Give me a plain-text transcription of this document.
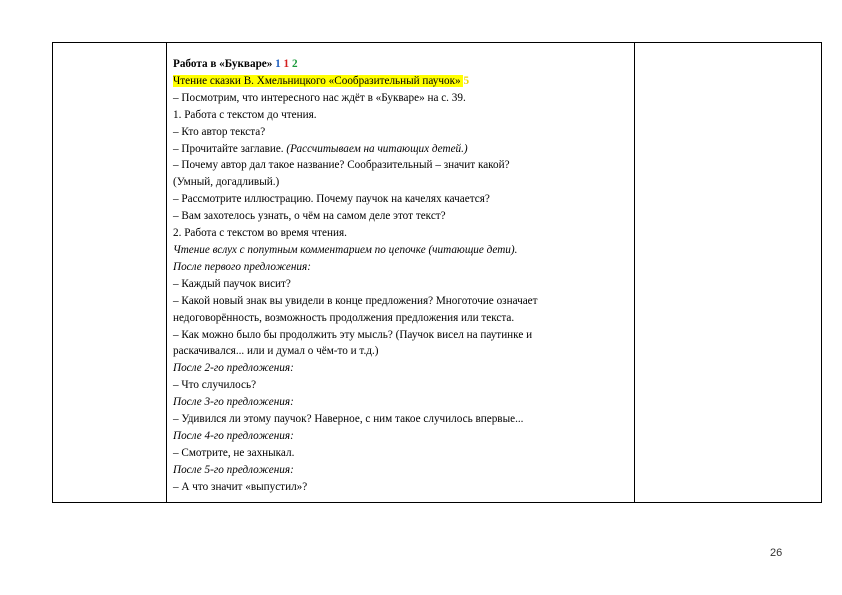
Работа в «Букваре» 1 1 2
Чтение сказки В. Хмельницкого «Сообразительный паучок» 5
– Посмотрим, что интересного нас ждёт в «Букваре» на с. 39.
1. Работа с текстом до чтения.
– Кто автор текста?
– Прочитайте заглавие. (Рассчитываем на читающих детей.)
– Почему автор дал такое название? Сообразительный – значит какой?
(Умный, догадливый.)
– Рассмотрите иллюстрацию. Почему паучок на качелях качается?
– Вам захотелось узнать, о чём на самом деле этот текст?
2. Работа с текстом во время чтения.
Чтение вслух с попутным комментарием по цепочке (читающие дети).
После первого предложения:
– Каждый паучок висит?
– Какой новый знак вы увидели в конце предложения? Многоточие означает
недоговорённость, возможность продолжения предложения или текста.
– Как можно было бы продолжить эту мысль? (Паучок висел на паутинке и
раскачивался... или и думал о чём-то и т.д.)
После 2-го предложения:
– Что случилось?
После 3-го предложения:
– Удивился ли этому паучок? Наверное, с ним такое случилось впервые...
После 4-го предложения:
– Смотрите, не захныкал.
После 5-го предложения:
– А что значит «выпустил»?
26
